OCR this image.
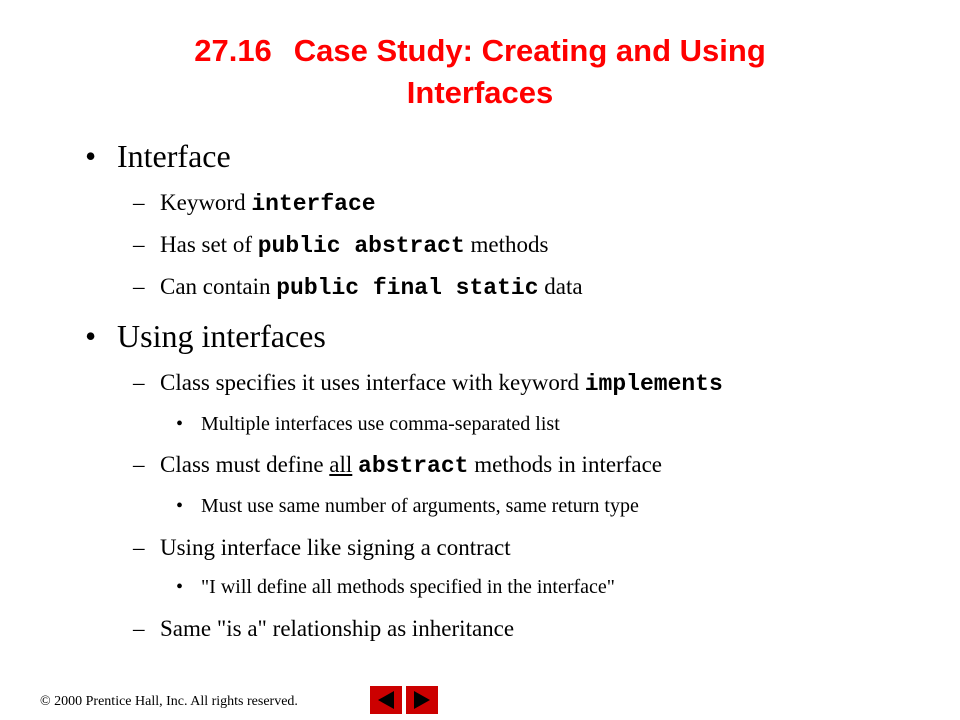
27.16 Case Study: Creating and Using
Interfaces
• Interface
– Keyword interface
– Has set of public abstract methods
– Can contain public final static data
• Using interfaces
– Class specifies it uses interface with keyword implements
• Multiple interfaces use comma-separated list
– Class must define all abstract methods in interface
• Must use same number of arguments, same return type
– Using interface like signing a contract
• "I will define all methods specified in the interface"
– Same "is a" relationship as inheritance
© 2000 Prentice Hall, Inc. All rights reserved.
